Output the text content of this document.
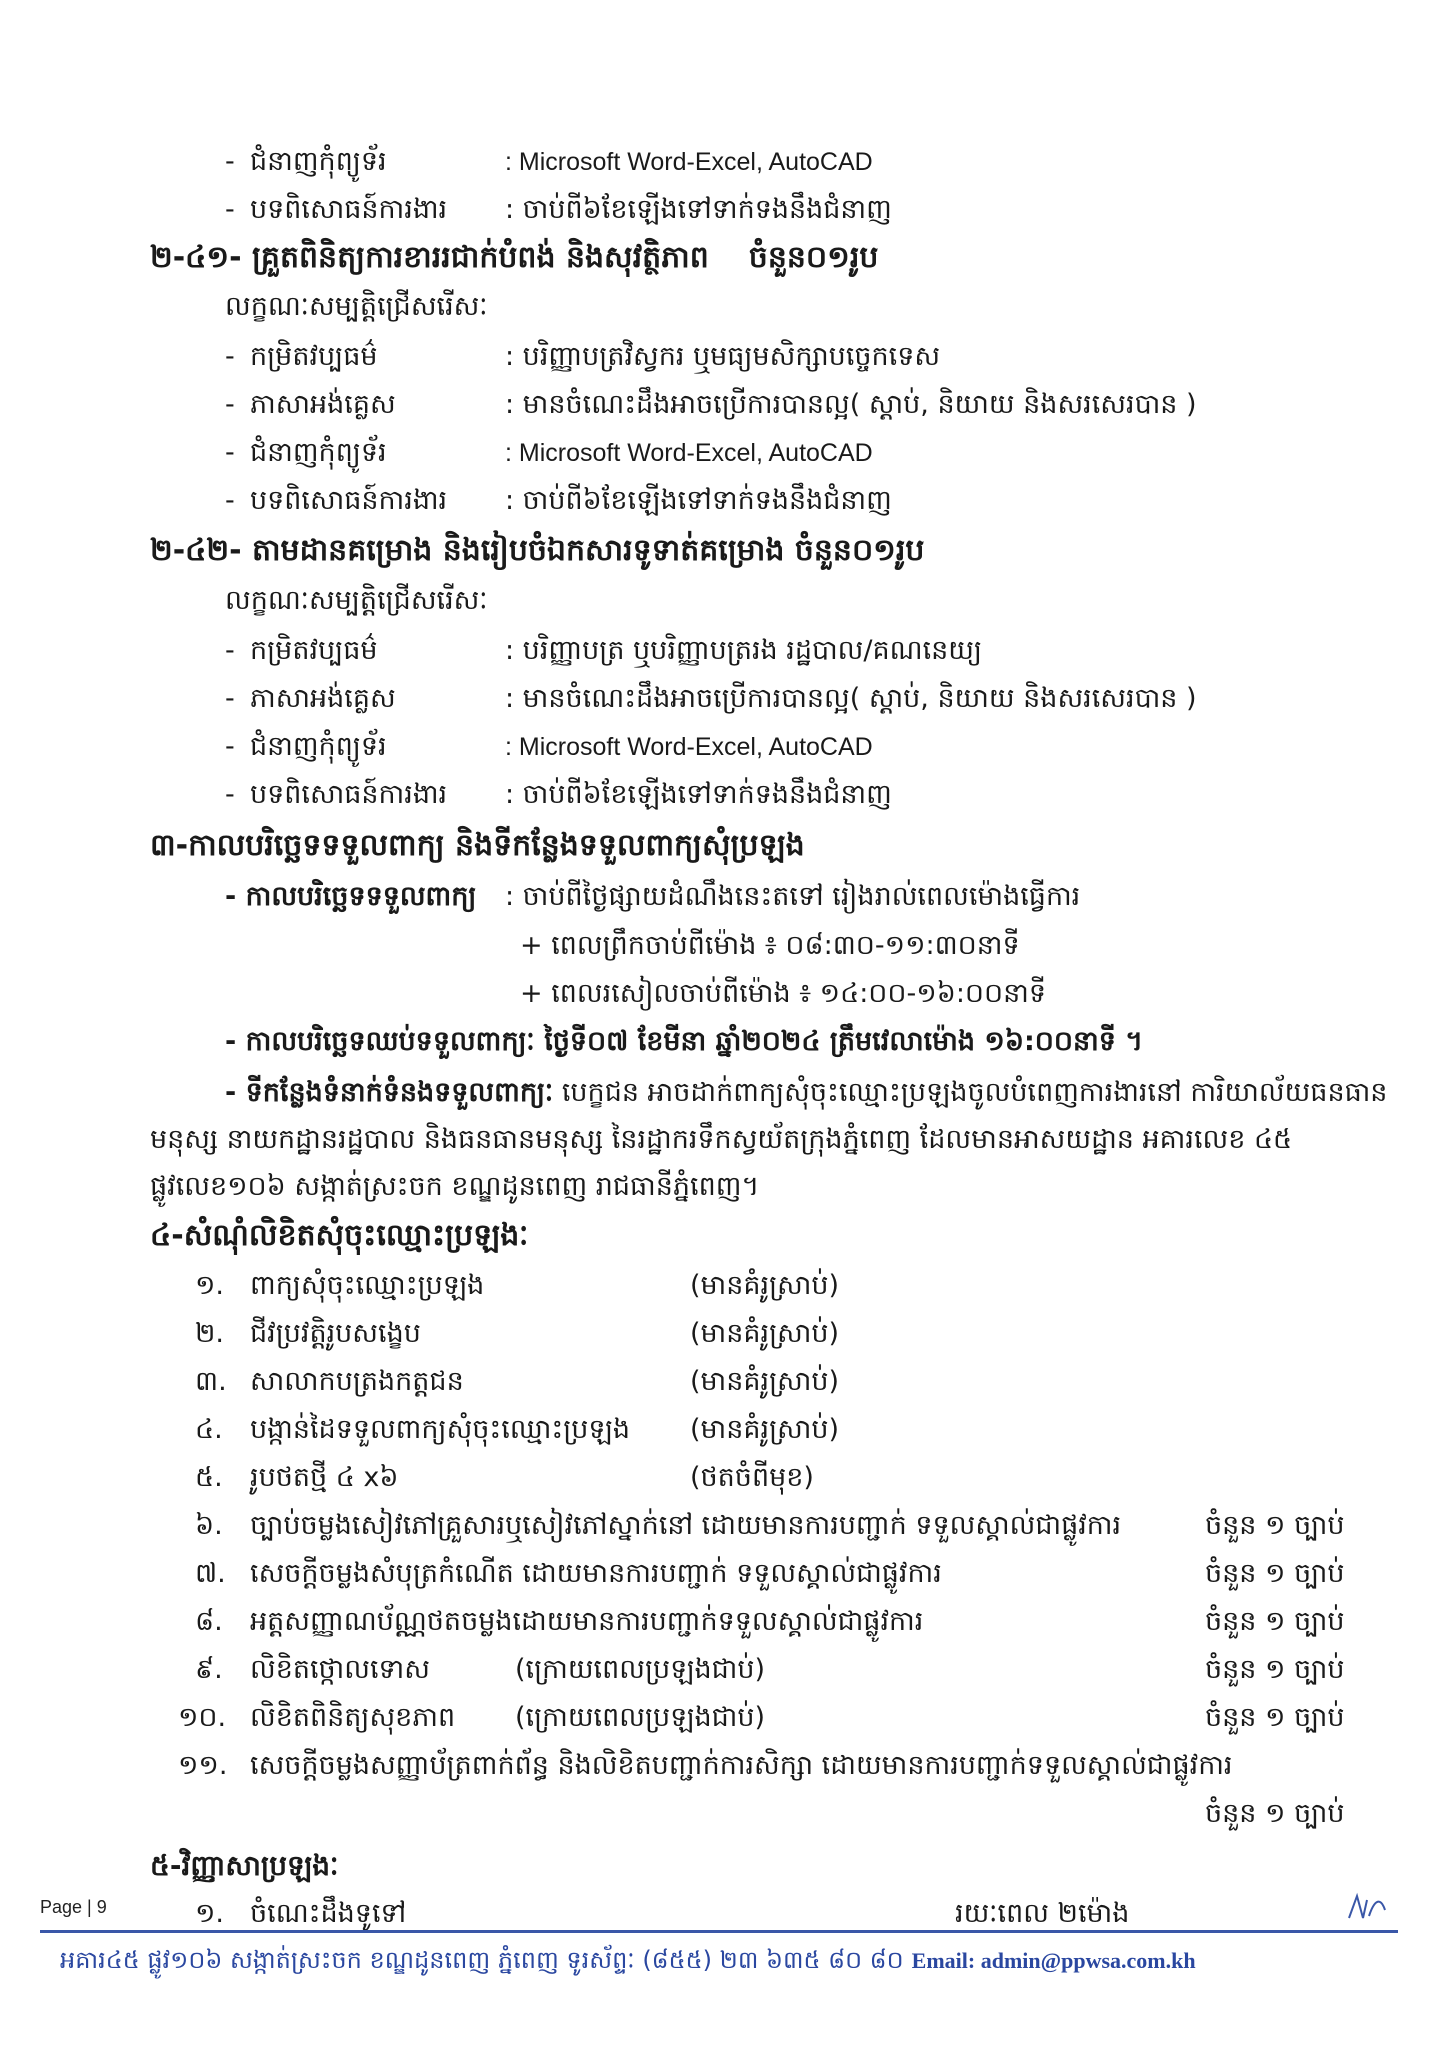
- ជំនាញកុំព្យូទ័រ	: Microsoft Word-Excel, AutoCAD
- បទពិសោធន៍ការងារ : ចាប់ពី៦ខែឡើងទៅទាក់ទងនឹងជំនាញ
២-៤១- គ្រួតពិនិត្យការខាររជាក់បំពង់ និងសុវត្ថិភាព ចំនួន០១រូប
លក្ខណៈសម្បត្តិជ្រើសរើសៈ
- កម្រិតវប្បធម៌	: បរិញ្ញាបត្រវិស្វករ ឬមធ្យមសិក្សាបច្ចេកទេស
- ភាសាអង់គ្លេស	: មានចំណេះដឹងអាចប្រើការបានល្អ( ស្តាប់, និយាយ និងសរសេរបាន )
- ជំនាញកុំព្យូទ័រ	: Microsoft Word-Excel, AutoCAD
- បទពិសោធន៍ការងារ : ចាប់ពី៦ខែឡើងទៅទាក់ទងនឹងជំនាញ
២-៤២- តាមដានគម្រោង និងរៀបចំឯកសារទូទាត់គម្រោង ចំនួន០១រូប
លក្ខណៈសម្បត្តិជ្រើសរើសៈ
- កម្រិតវប្បធម៌	: បរិញ្ញាបត្រ ឬបរិញ្ញាបត្ររង រដ្ឋបាល/គណនេយ្យ
- ភាសាអង់គ្លេស	: មានចំណេះដឹងអាចប្រើការបានល្អ( ស្តាប់, និយាយ និងសរសេរបាន )
- ជំនាញកុំព្យូទ័រ	: Microsoft Word-Excel, AutoCAD
- បទពិសោធន៍ការងារ : ចាប់ពី៦ខែឡើងទៅទាក់ទងនឹងជំនាញ
៣-កាលបរិច្ឆេទទទួលពាក្យ និងទីកន្លែងទទួលពាក្យសុំប្រឡង
- កាលបរិច្ឆេទទទួលពាក្យ : ចាប់ពីថ្ងៃផ្សាយដំណឹងនេះតទៅ រៀងរាល់ពេលម៉ោងធ្វើការ
+ ពេលព្រឹកចាប់ពីម៉ោង ៖ ០៨:៣០-១១:៣០នាទី
+ ពេលរសៀលចាប់ពីម៉ោង ៖ ១៤:០០-១៦:០០នាទី
- កាលបរិច្ឆេទឈប់ទទួលពាក្យៈ ថ្ងៃទី០៧ ខែមីនា ឆ្នាំ២០២៤ ត្រឹមវេលាម៉ោង ១៦:០០នាទី ។
- ទីកន្លែងទំនាក់ទំនងទទួលពាក្យៈ បេក្ខជន អាចដាក់ពាក្យសុំចុះឈ្មោះប្រឡងចូលបំពេញការងារនៅ ការិយាល័យធនធានមនុស្ស នាយកដ្ឋានរដ្ឋបាល និងធនធានមនុស្ស នៃរដ្ឋាករទឹកស្វយ័តក្រុងភ្នំពេញ ដែលមានអាសយដ្ឋាន អគារលេខ ៤៥ ផ្លូវលេខ១០៦ សង្កាត់ស្រះចក ខណ្ឌដូនពេញ រាជធានីភ្នំពេញ។
៤-សំណុំលិខិតសុំចុះឈ្មោះប្រឡងៈ
១. ពាក្យសុំចុះឈ្មោះប្រឡង	(មានគំរូស្រាប់)
២. ជីវប្រវត្តិរូបសង្ខេប	(មានគំរូស្រាប់)
៣. សាលាកបត្រងកត្តជន	(មានគំរូស្រាប់)
៤. បង្កាន់ដៃទទួលពាក្យសុំចុះឈ្មោះប្រឡង (មានគំរូស្រាប់)
៥. រូបថតថ្មី ៤ x៦	(ថតចំពីមុខ)
៦. ច្បាប់ចម្លងសៀវភៅគ្រួសារឬសៀវភៅស្នាក់នៅ ដោយមានការបញ្ជាក់ ទទួលស្គាល់ជាផ្លូវការ	ចំនួន ១ ច្បាប់
៧. សេចក្តីចម្លងសំបុត្រកំណើត ដោយមានការបញ្ជាក់ ទទួលស្គាល់ជាផ្លូវការ	ចំនួន ១ ច្បាប់
៨. អត្តសញ្ញាណប័ណ្ណថតចម្លងដោយមានការបញ្ជាក់ទទួលស្គាល់ជាផ្លូវការ	ចំនួន ១ ច្បាប់
៩. លិខិតថ្កោលទោស	(ក្រោយពេលប្រឡងជាប់)	ចំនួន ១ ច្បាប់
១០. លិខិតពិនិត្យសុខភាព (ក្រោយពេលប្រឡងជាប់)	ចំនួន ១ ច្បាប់
១១. សេចក្តីចម្លងសញ្ញាប័ត្រពាក់ព័ន្ធ និងលិខិតបញ្ជាក់ការសិក្សា ដោយមានការបញ្ជាក់ទទួលស្គាល់ជាផ្លូវការ
ចំនួន ១ ច្បាប់
៥-វិញ្ញាសាប្រឡងៈ
១. ចំណេះដឹងទូទៅ	រយៈពេល ២ម៉ោង
Page | 9
អគារ៤៥ ផ្លូវ១០៦ សង្កាត់ស្រះចក ខណ្ឌដូនពេញ ភ្នំពេញ ទូរស័ព្ទៈ (៨៥៥) ២៣ ៦៣៥ ៨០ ៨០ Email: admin@ppwsa.com.kh
